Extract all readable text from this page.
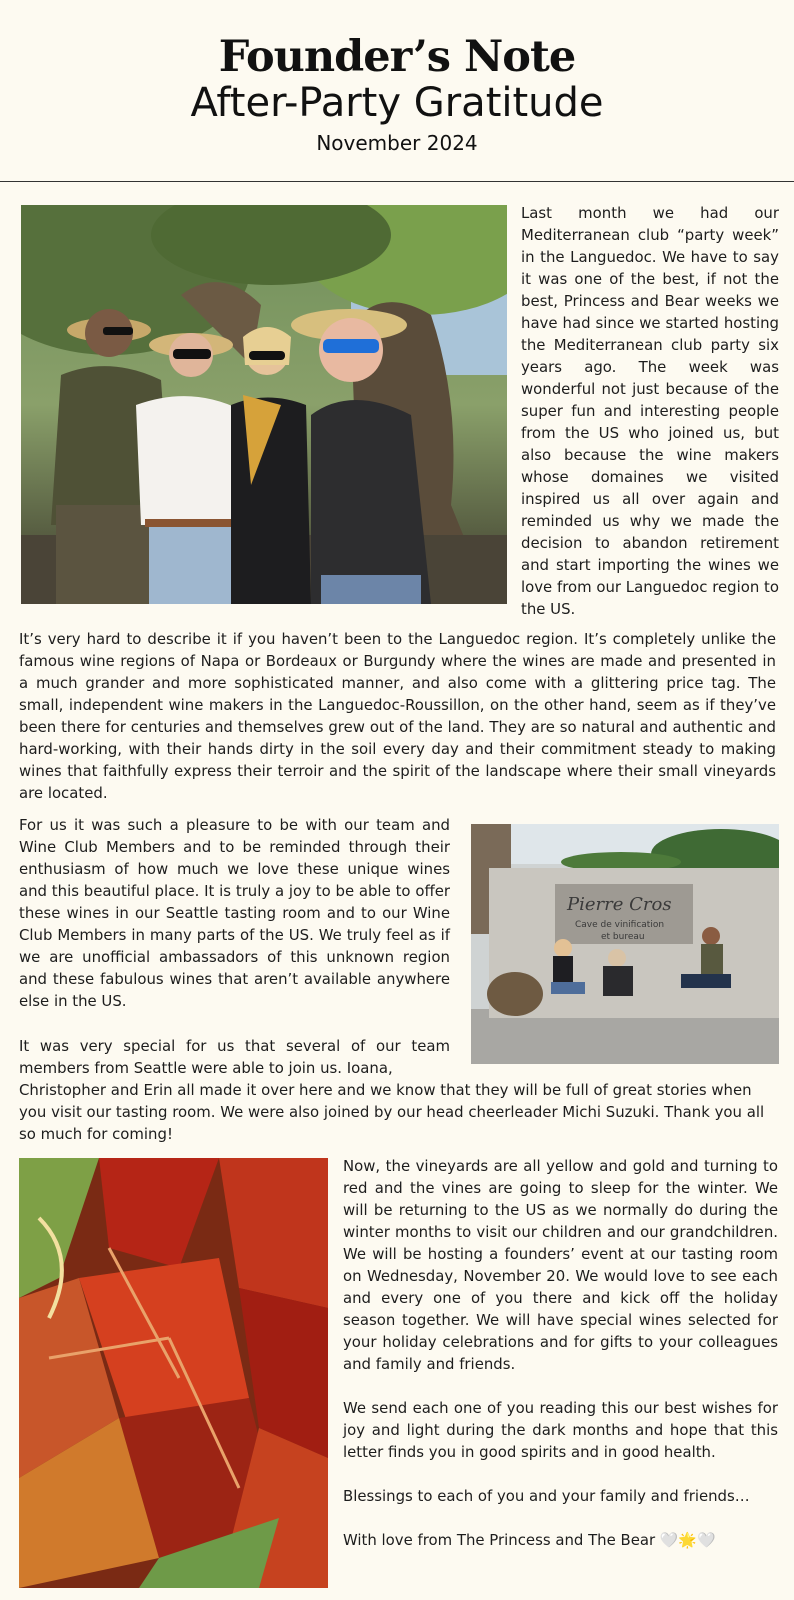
Founder’s Note
After-Party Gratitude
November 2024

Last month we had our Mediterranean club “party week” in the Languedoc. We have to say it was one of the best, if not the best, Princess and Bear weeks we have had since we started hosting the Mediterranean club party six years ago. The week was wonderful not just because of the super fun and interesting people from the US who joined us, but also because the wine makers whose domaines we visited inspired us all over again and reminded us why we made the decision to abandon retirement and start importing the wines we love from our Languedoc region to the US.

It’s very hard to describe it if you haven’t been to the Languedoc region. It’s completely unlike the famous wine regions of Napa or Bordeaux or Burgundy where the wines are made and presented in a much grander and more sophisticated manner, and also come with a glittering price tag. The small, independent wine makers in the Languedoc-Roussillon, on the other hand, seem as if they’ve been there for centuries and themselves grew out of the land. They are so natural and authentic and hard-working, with their hands dirty in the soil every day and their commitment steady to making wines that faithfully express their terroir and the spirit of the landscape where their small vineyards are located.

For us it was such a pleasure to be with our team and Wine Club Members and to be reminded through their enthusiasm of how much we love these unique wines and this beautiful place. It is truly a joy to be able to offer these wines in our Seattle tasting room and to our Wine Club Members in many parts of the US. We truly feel as if we are unofficial ambassadors of this unknown region and these fabulous wines that aren’t available anywhere else in the US.

It was very special for us that several of our team members from Seattle were able to join us. Ioana,

Christopher and Erin all made it over here and we know that they will be full of great stories when you visit our tasting room. We were also joined by our head cheerleader Michi Suzuki. Thank you all so much for coming!

Pierre Cros
Cave de vinification
et bureau

Now, the vineyards are all yellow and gold and turning to red and the vines are going to sleep for the winter. We will be returning to the US as we normally do during the winter months to visit our children and our grandchildren. We will be hosting a founders’ event at our tasting room on Wednesday, November 20. We would love to see each and every one of you there and kick off the holiday season together. We will have special wines selected for your holiday celebrations and for gifts to your colleagues and family and friends.

We send each one of you reading this our best wishes for joy and light during the dark months and hope that this letter finds you in good spirits and in good health.

Blessings to each of you and your family and friends…

With love from The Princess and The Bear 🤍🌟🤍
